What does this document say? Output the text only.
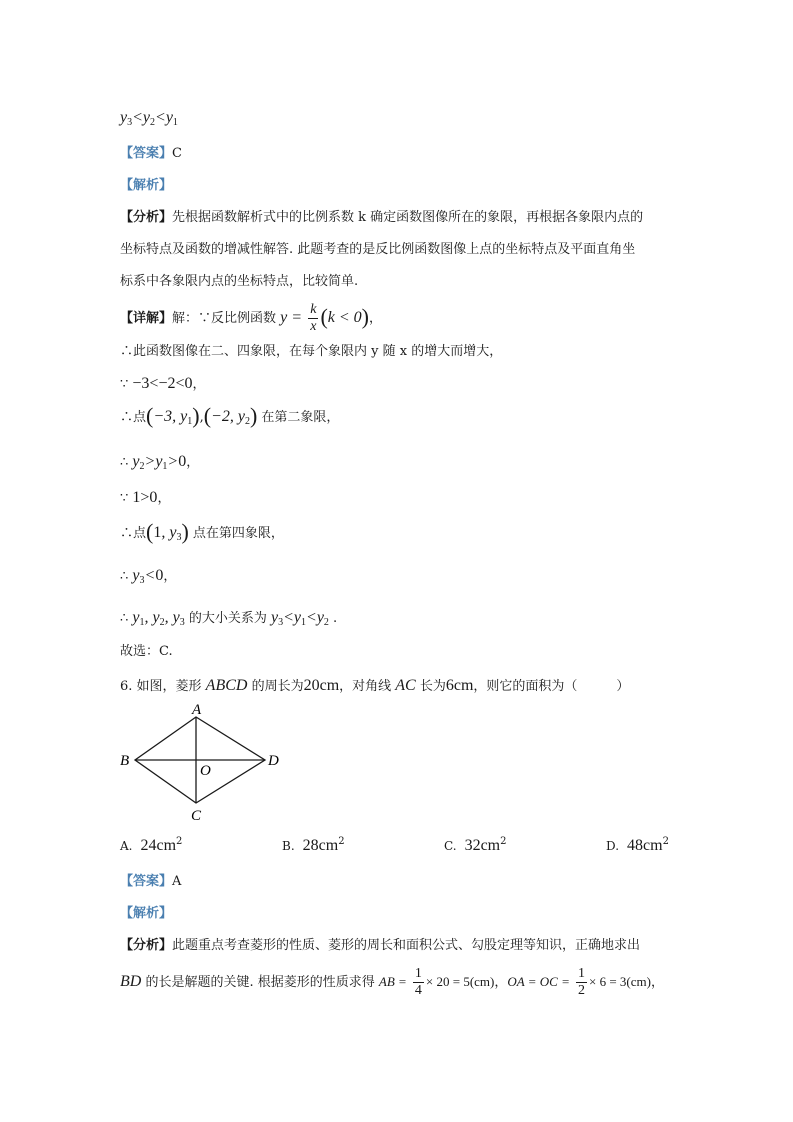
$y_3<y_2<y_1$
【答案】C
【解析】
【分析】先根据函数解析式中的比例系数 k 确定函数图像所在的象限，再根据各象限内点的
坐标特点及函数的增减性解答. 此题考查的是反比例函数图像上点的坐标特点及平面直角坐
标系中各象限内点的坐标特点，比较简单.
【详解】解：∵反比例函数 $y = \frac{k}{x} (k < 0)$，
∴此函数图像在二、四象限，在每个象限内 y 随 x 的增大而增大，
∵ −3<−2<0，
∴点(−3, $y_1),(-2$, $y_2$) 在第二象限，
∴ $y_2>y_1>0$，
∵ 1>0，
∴点(1, $y_3$) 点在第四象限，
∴ $y_3<0$，
∴ $y_1$, $y_2$, $y_3$ 的大小关系为 $y_3<y_1<y_2$ .
故选：C.
6. 如图，菱形 ABCD 的周长为20cm，对角线 AC 长为6cm，则它的面积为（　　　）
A
B
C
D
O
A. $24cm^2$	B. $28cm^2$	C. $32cm^2$	D. $48cm^2$
【答案】A
【解析】
【分析】此题重点考查菱形的性质、菱形的周长和面积公式、勾股定理等知识，正确地求出
BD 的长是解题的关键. 根据菱形的性质求得 AB = $\frac{1}{4} \times 20 = 5(cm)$，OA = OC = $\frac{1}{2} \times 6 = 3(cm)$，
